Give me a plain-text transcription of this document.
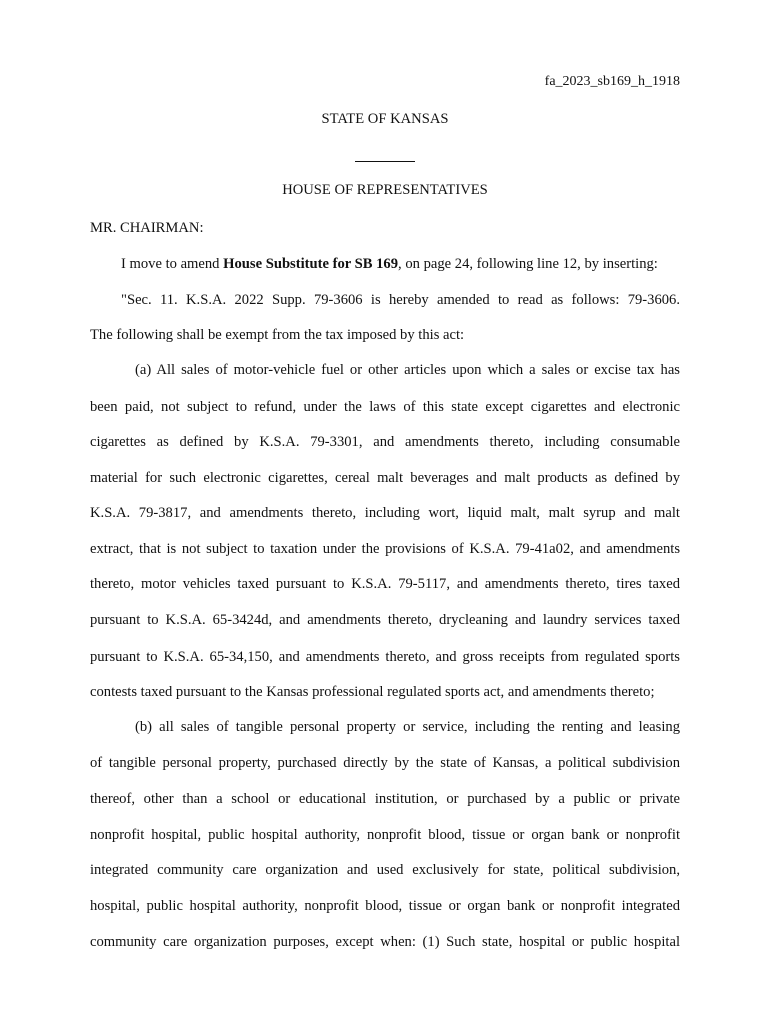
fa_2023_sb169_h_1918
STATE OF KANSAS
HOUSE OF REPRESENTATIVES
MR. CHAIRMAN:
I move to amend House Substitute for SB 169, on page 24, following line 12, by inserting:
"Sec. 11. K.S.A. 2022 Supp. 79-3606 is hereby amended to read as follows: 79-3606.
The following shall be exempt from the tax imposed by this act:
(a) All sales of motor-vehicle fuel or other articles upon which a sales or excise tax has
been paid, not subject to refund, under the laws of this state except cigarettes and electronic
cigarettes as defined by K.S.A. 79-3301, and amendments thereto, including consumable
material for such electronic cigarettes, cereal malt beverages and malt products as defined by
K.S.A. 79-3817, and amendments thereto, including wort, liquid malt, malt syrup and malt
extract, that is not subject to taxation under the provisions of K.S.A. 79-41a02, and amendments
thereto, motor vehicles taxed pursuant to K.S.A. 79-5117, and amendments thereto, tires taxed
pursuant to K.S.A. 65-3424d, and amendments thereto, drycleaning and laundry services taxed
pursuant to K.S.A. 65-34,150, and amendments thereto, and gross receipts from regulated sports
contests taxed pursuant to the Kansas professional regulated sports act, and amendments thereto;
(b) all sales of tangible personal property or service, including the renting and leasing
of tangible personal property, purchased directly by the state of Kansas, a political subdivision
thereof, other than a school or educational institution, or purchased by a public or private
nonprofit hospital, public hospital authority, nonprofit blood, tissue or organ bank or nonprofit
integrated community care organization and used exclusively for state, political subdivision,
hospital, public hospital authority, nonprofit blood, tissue or organ bank or nonprofit integrated
community care organization purposes, except when: (1) Such state, hospital or public hospital
